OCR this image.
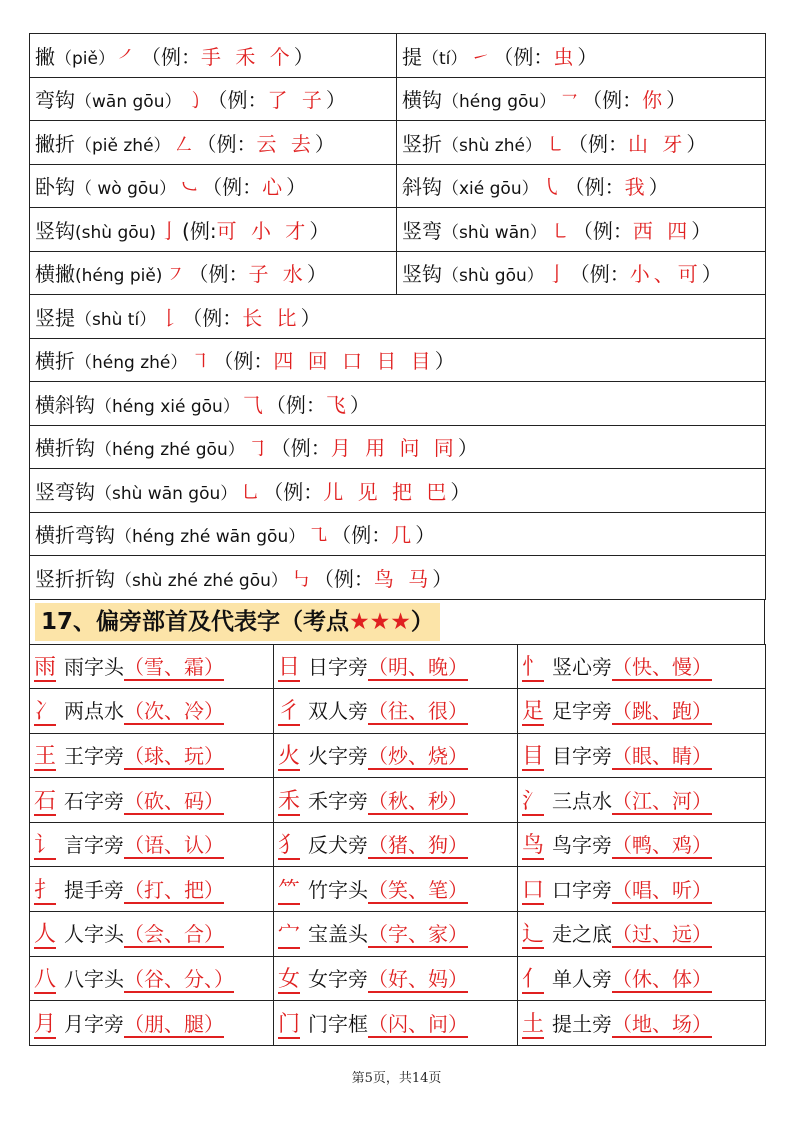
撇（piě） ㇒ （例：手 禾 个）	提（tí） ㇀ （例：虫）
弯钩（wān gōu） ㇁ （例：了 子）	横钩（héng gōu） ㇖ （例：你）
撇折（piě zhé） ㇜ （例：云 去）	竖折（shù zhé） ㇄ （例：山 牙）
卧钩（ wò gōu） ㇃ （例：心）	斜钩（xié gōu） ㇂ （例：我）
竖钩(shù gōu) 亅 (例:可 小 才）	竖弯（shù wān） ㇄ （例：西 四）
横撇(héng piě) ㇇ （例：子 水）	竖钩（shù gōu） 亅 （例：小、可）
竖提（shù tí） 𠄌 （例：长 比）	
横折（héng zhé） ㇕ （例：四 回 口 日 目）	
横斜钩（héng xié gōu） ⺄ （例：飞）	
横折钩（héng zhé gōu） ㇆ （例：月 用 问 同）	
竖弯钩（shù wān gōu） ㇟ （例：儿 见 把 巴）	
横折弯钩（héng zhé wān gōu） ㇈ （例：几）	
竖折折钩（shù zhé zhé gōu） ㇉ （例：鸟 马）	
17、偏旁部首及代表字（考点★★★）
雨 雨字头（雪、霜）	日 日字旁（明、晚）	忄 竖心旁（快、慢）
冫 两点水（次、冷）	彳 双人旁（往、很）	足 足字旁（跳、跑）
王 王字旁（球、玩）	火 火字旁（炒、烧）	目 目字旁（眼、睛）
石 石字旁（砍、码）	禾 禾字旁（秋、秒）	氵 三点水（江、河）
讠 言字旁（语、认）	犭 反犬旁（猪、狗）	鸟 鸟字旁（鸭、鸡）
扌 提手旁（打、把）	⺮ 竹字头（笑、笔）	口 口字旁（唱、听）
人 人字头（会、合）	宀 宝盖头（字、家）	辶 走之底（过、远）
八 八字头（谷、分、）	女 女字旁（好、妈）	亻 单人旁（休、体）
月 月字旁（朋、腿）	门 门字框（闪、问）	土 提土旁（地、场）
第5页，共14页
